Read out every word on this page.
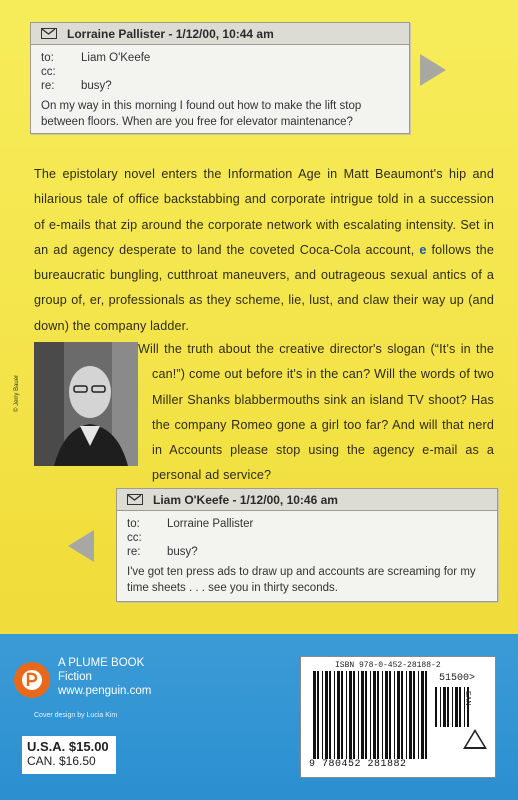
Lorraine Pallister - 1/12/00, 10:44 am
to:	Liam O'Keefe
cc:
re:	busy?
On my way in this morning I found out how to make the lift stop between floors. When are you free for elevator maintenance?
The epistolary novel enters the Information Age in Matt Beaumont's hip and hilarious tale of office backstabbing and corporate intrigue told in a succession of e-mails that zip around the corporate network with escalating intensity. Set in an ad agency desperate to land the coveted Coca-Cola account, e follows the bureaucratic bungling, cutthroat maneuvers, and outrageous sexual antics of a group of, er, professionals as they scheme, lie, lust, and claw their way up (and down) the company ladder.
© Jerry Bauer
Will the truth about the creative director's slogan (“It's in the can!”) come out before it's in the can? Will the words of two Miller Shanks blabbermouths sink an island TV shoot? Has the company Romeo gone a girl too far? And will that nerd in Accounts please stop using the agency e-mail as a personal ad service?
Liam O'Keefe - 1/12/00, 10:46 am
to:	Lorraine Pallister
cc:
re:	busy?
I've got ten press ads to draw up and accounts are screaming for my time sheets . . . see you in thirty seconds.
A PLUME BOOK
Fiction
www.penguin.com
Cover design by Lucia Kim
U.S.A. $15.00
CAN. $16.50
ISBN 978-0-452-28188-2
51500>
EAN
9 780452 281882
